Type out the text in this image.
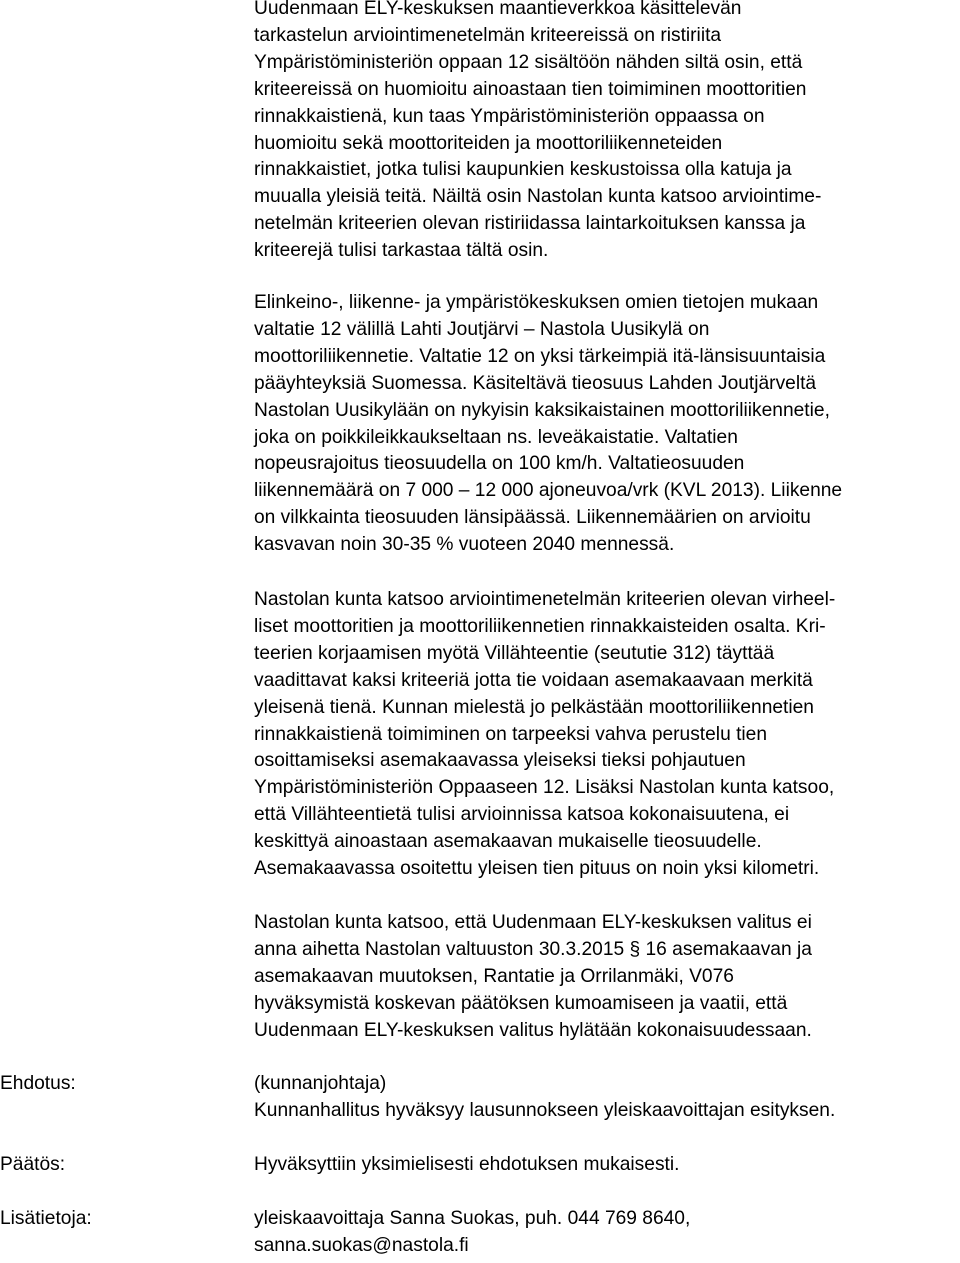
Uudenmaan ELY-keskuksen maantieverkkoa käsittelevän
tarkastelun arviointimenetelmän kriteereissä on ristiriita
Ympäristöministeriön oppaan 12 sisältöön nähden siltä osin, että
kriteereissä on huomioitu ainoastaan tien toimiminen moottoritien
rinnakkaistienä, kun taas Ympäristöministeriön oppaassa on
huomioitu sekä moottoriteiden ja moottoriliikenneteiden
rinnakkaistiet, jotka tulisi kaupunkien keskustoissa olla katuja ja
muualla yleisiä teitä. Näiltä osin Nastolan kunta katsoo arviointime-
netelmän kriteerien olevan ristiriidassa laintarkoituksen kanssa ja
kriteerejä tulisi tarkastaa tältä osin.
Elinkeino-, liikenne- ja ympäristökeskuksen omien tietojen mukaan
valtatie 12 välillä Lahti Joutjärvi – Nastola Uusikylä on
moottoriliikennetie. Valtatie 12 on yksi tärkeimpiä itä-länsisuuntaisia
pääyhteyksiä Suomessa. Käsiteltävä tieosuus Lahden Joutjärveltä
Nastolan Uusikylään on nykyisin kaksikaistainen moottoriliikennetie,
joka on poikkileikkaukseltaan ns. leveäkaistatie. Valtatien
nopeusrajoitus tieosuudella on 100 km/h. Valtatieosuuden
liikennemäärä on 7 000 – 12 000 ajoneuvoa/vrk (KVL 2013). Liikenne
on vilkkainta tieosuuden länsipäässä. Liikennemäärien on arvioitu
kasvavan noin 30-35 % vuoteen 2040 mennessä.
Nastolan kunta katsoo arviointimenetelmän kriteerien olevan virheel-
liset moottoritien ja moottoriliikennetien rinnakkaisteiden osalta. Kri-
teerien korjaamisen myötä Villähteentie (seututie 312) täyttää
vaadittavat kaksi kriteeriä jotta tie voidaan asemakaavaan merkitä
yleisenä tienä. Kunnan mielestä jo pelkästään moottoriliikennetien
rinnakkaistienä toimiminen on tarpeeksi vahva perustelu tien
osoittamiseksi asemakaavassa yleiseksi tieksi pohjautuen
Ympäristöministeriön Oppaaseen 12. Lisäksi Nastolan kunta katsoo,
että Villähteentietä tulisi arvioinnissa katsoa kokonaisuutena, ei
keskittyä ainoastaan asemakaavan mukaiselle tieosuudelle.
Asemakaavassa osoitettu yleisen tien pituus on noin yksi kilometri.
Nastolan kunta katsoo, että Uudenmaan ELY-keskuksen valitus ei
anna aihetta Nastolan valtuuston 30.3.2015 § 16 asemakaavan ja
asemakaavan muutoksen, Rantatie ja Orrilanmäki, V076
hyväksymistä koskevan päätöksen kumoamiseen ja vaatii, että
Uudenmaan ELY-keskuksen valitus hylätään kokonaisuudessaan.
Ehdotus:	(kunnanjohtaja)
Kunnanhallitus hyväksyy lausunnokseen yleiskaavoittajan esityksen.
Päätös:	Hyväksyttiin yksimielisesti ehdotuksen mukaisesti.
Lisätietoja:	yleiskaavoittaja Sanna Suokas, puh. 044 769 8640,
sanna.suokas@nastola.fi
